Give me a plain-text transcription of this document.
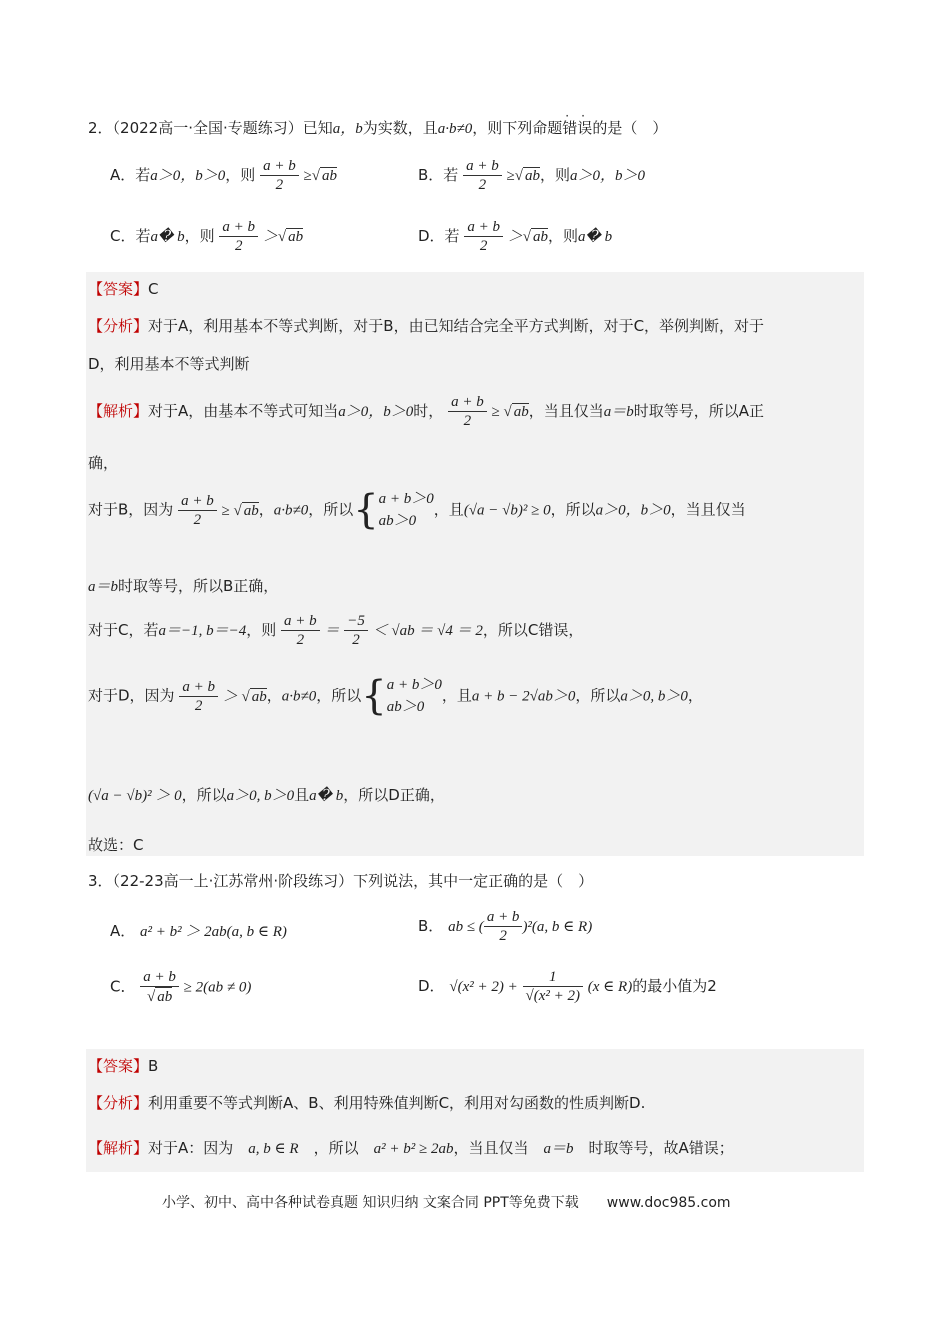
2．（2022高一·全国·专题练习）已知a，b为实数，且a·b≠0，则下列命题错误
·　·
的是（　）
A．若a＞0，b＞0，则 $\frac{a + b}{2}$ ≥√ ab	B．若 $\frac{a + b}{2}$ ≥√ ab，则a＞0，b＞0
C．若a� b，则 $\frac{a + b}{2}$ ＞√ ab	D．若 $\frac{a + b}{2}$ ＞√ ab，则a� b
【答案】C
【分析】对于A，利用基本不等式判断，对于B，由已知结合完全平方式判断，对于C，举例判断，对于
D，利用基本不等式判断
【解析】对于A，由基本不等式可知当a＞0，b＞0时， $\frac{a + b}{2}$ ≥ √ ab，当且仅当a＝b时取等号，所以A正
确，
对于B，因为 $\frac{a + b}{2}$ ≥ √ ab，a·b≠0，所以{ a + b＞0
ab＞0
，且(√a − √b)² ≥ 0，所以a＞0，b＞0，当且仅当
a＝b时取等号，所以B正确，
对于C，若a＝−1, b＝−4，则 $\frac{a + b}{2} = \frac{-5}{2} < √ab = √4 = 2$，所以C错误，
对于D，因为 $\frac{a + b}{2}$ ＞ √ ab，a·b≠0，所以{ a + b＞0
ab＞0
，且a + b − 2√ab＞0，所以a＞0, b＞0，
(√a − √b)² ＞ 0，所以a＞0, b＞0且a� b，所以D正确，
故选：C
3．（22-23高一上·江苏常州·阶段练习）下列说法，其中一定正确的是（　）
A． a² + b² ＞ 2ab(a, b ∈ R)	B． ab ≤ ( $\frac{a + b}{2} )^2(a$, b ∈ R)
C． $\frac{a + b}{√ ab} \ge 2(ab \ne 0)$	D． $√(x^2 + 2) + \frac{1}{\text{√(x² + 2)}} (x$ ∈ R)的最小值为2
【答案】B
【分析】利用重要不等式判断A、B、利用特殊值判断C，利用对勾函数的性质判断D.
【解析】对于A：因为　 a, b ∈ R　 ，所以　 a² + b² ≥ 2ab，当且仅当　 a＝b　 时取等号，故A错误；
小学、初中、高中各种试卷真题 知识归纳 文案合同 PPT等免费下载　　 www.doc985.com
